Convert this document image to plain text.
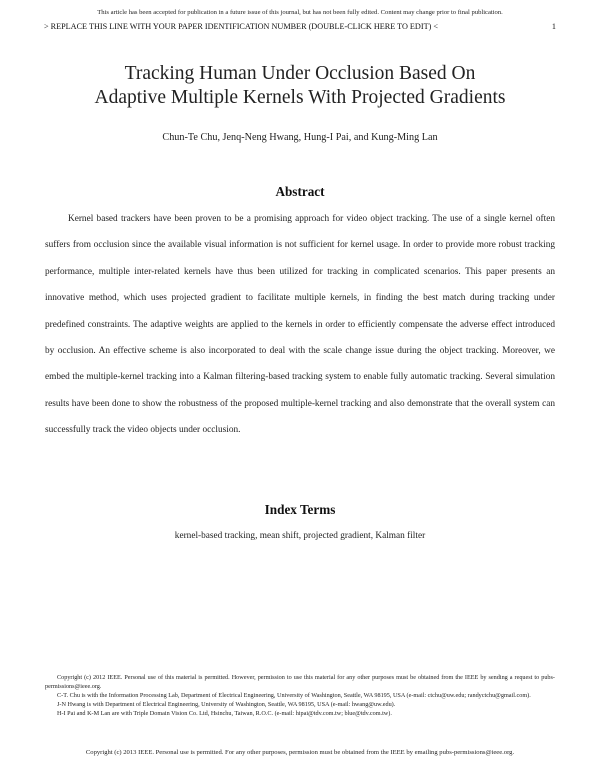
This article has been accepted for publication in a future issue of this journal, but has not been fully edited. Content may change prior to final publication.
> REPLACE THIS LINE WITH YOUR PAPER IDENTIFICATION NUMBER (DOUBLE-CLICK HERE TO EDIT) <	1
Tracking Human Under Occlusion Based On
Adaptive Multiple Kernels With Projected Gradients
Chun-Te Chu, Jenq-Neng Hwang, Hung-I Pai, and Kung-Ming Lan
Abstract

Kernel based trackers have been proven to be a promising approach for video object tracking. The use of a single kernel often suffers from occlusion since the available visual information is not sufficient for kernel usage. In order to provide more robust tracking performance, multiple inter-related kernels have thus been utilized for tracking in complicated scenarios. This paper presents an innovative method, which uses projected gradient to facilitate multiple kernels, in finding the best match during tracking under predefined constraints. The adaptive weights are applied to the kernels in order to efficiently compensate the adverse effect introduced by occlusion. An effective scheme is also incorporated to deal with the scale change issue during the object tracking. Moreover, we embed the multiple-kernel tracking into a Kalman filtering-based tracking system to enable fully automatic tracking. Several simulation results have been done to show the robustness of the proposed multiple-kernel tracking and also demonstrate that the overall system can successfully track the video objects under occlusion.

Index Terms
kernel-based tracking, mean shift, projected gradient, Kalman filter

Copyright (c) 2012 IEEE. Personal use of this material is permitted. However, permission to use this material for any other purposes must be obtained from the IEEE by sending a request to pubs-permissions@ieee.org.

C-T. Chu is with the Information Processing Lab, Department of Electrical Engineering, University of Washington, Seattle, WA 98195, USA (e-mail: ctchu@uw.edu; randyctchu@gmail.com).

J-N Hwang is with Department of Electrical Engineering, University of Washington, Seattle, WA 98195, USA (e-mail: hwang@uw.edu).

H-I Pai and K-M Lan are with Triple Domain Vision Co. Ltd, Hsinchu, Taiwan, R.O.C. (e-mail: hipai@tdv.com.tw; blue@tdv.com.tw).

Copyright (c) 2013 IEEE. Personal use is permitted. For any other purposes, permission must be obtained from the IEEE by emailing pubs-permissions@ieee.org.
